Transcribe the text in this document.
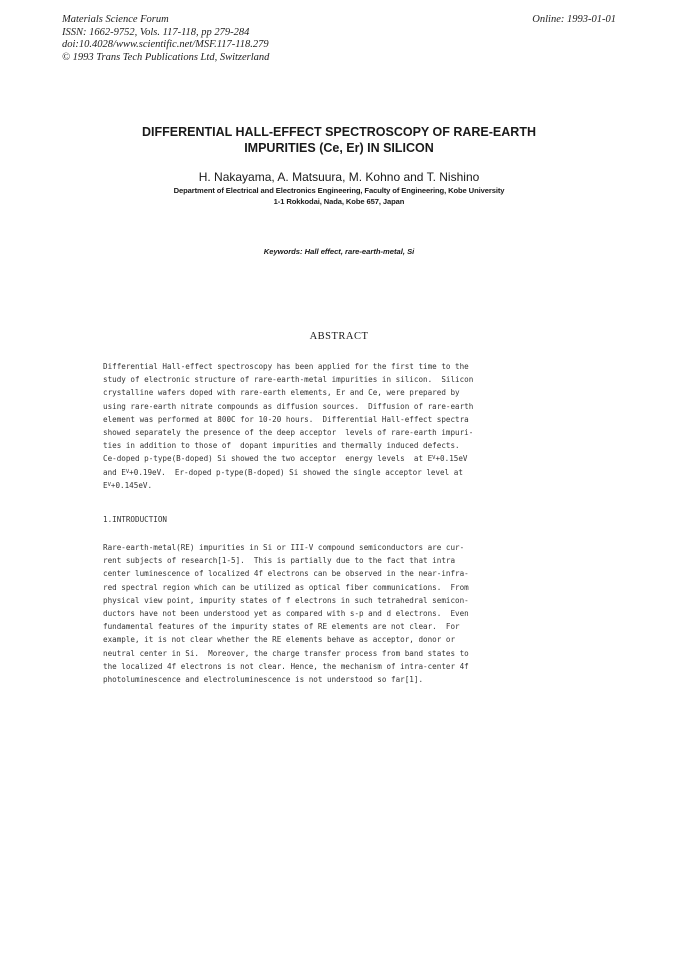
Materials Science Forum
ISSN: 1662-9752, Vols. 117-118, pp 279-284
doi:10.4028/www.scientific.net/MSF.117-118.279
© 1993 Trans Tech Publications Ltd, Switzerland
Online: 1993-01-01
DIFFERENTIAL HALL-EFFECT SPECTROSCOPY OF RARE-EARTH
IMPURITIES (Ce, Er) IN SILICON
H. Nakayama, A. Matsuura, M. Kohno and T. Nishino
Department of Electrical and Electronics Engineering, Faculty of Engineering, Kobe University
1-1 Rokkodai, Nada, Kobe 657, Japan
Keywords: Hall effect, rare-earth-metal, Si
ABSTRACT
Differential Hall-effect spectroscopy has been applied for the first time to the
study of electronic structure of rare-earth-metal impurities in silicon.  Silicon
crystalline wafers doped with rare-earth elements, Er and Ce, were prepared by
using rare-earth nitrate compounds as diffusion sources.  Diffusion of rare-earth
element was performed at 800C for 10-20 hours.  Differential Hall-effect spectra
showed separately the presence of the deep acceptor  levels of rare-earth impuri-
ties in addition to those of  dopant impurities and thermally induced defects.
Ce-doped p-type(B-doped) Si showed the two acceptor  energy levels  at E V +0.15eV
and E V +0.19eV.  Er-doped p-type(B-doped) Si showed the single acceptor level at
E V +0.145eV.
1.INTRODUCTION
Rare-earth-metal(RE) impurities in Si or III-V compound semiconductors are cur-
rent subjects of research[1-5].  This is partially due to the fact that intra
center luminescence of localized 4f electrons can be observed in the near-infra-
red spectral region which can be utilized as optical fiber communications.  From
physical view point, impurity states of f electrons in such tetrahedral semicon-
ductors have not been understood yet as compared with s-p and d electrons.  Even
fundamental features of the impurity states of RE elements are not clear.  For
example, it is not clear whether the RE elements behave as acceptor, donor or
neutral center in Si.  Moreover, the charge transfer process from band states to
the localized 4f electrons is not clear. Hence, the mechanism of intra-center 4f
photoluminescence and electroluminescence is not understood so far[1].
